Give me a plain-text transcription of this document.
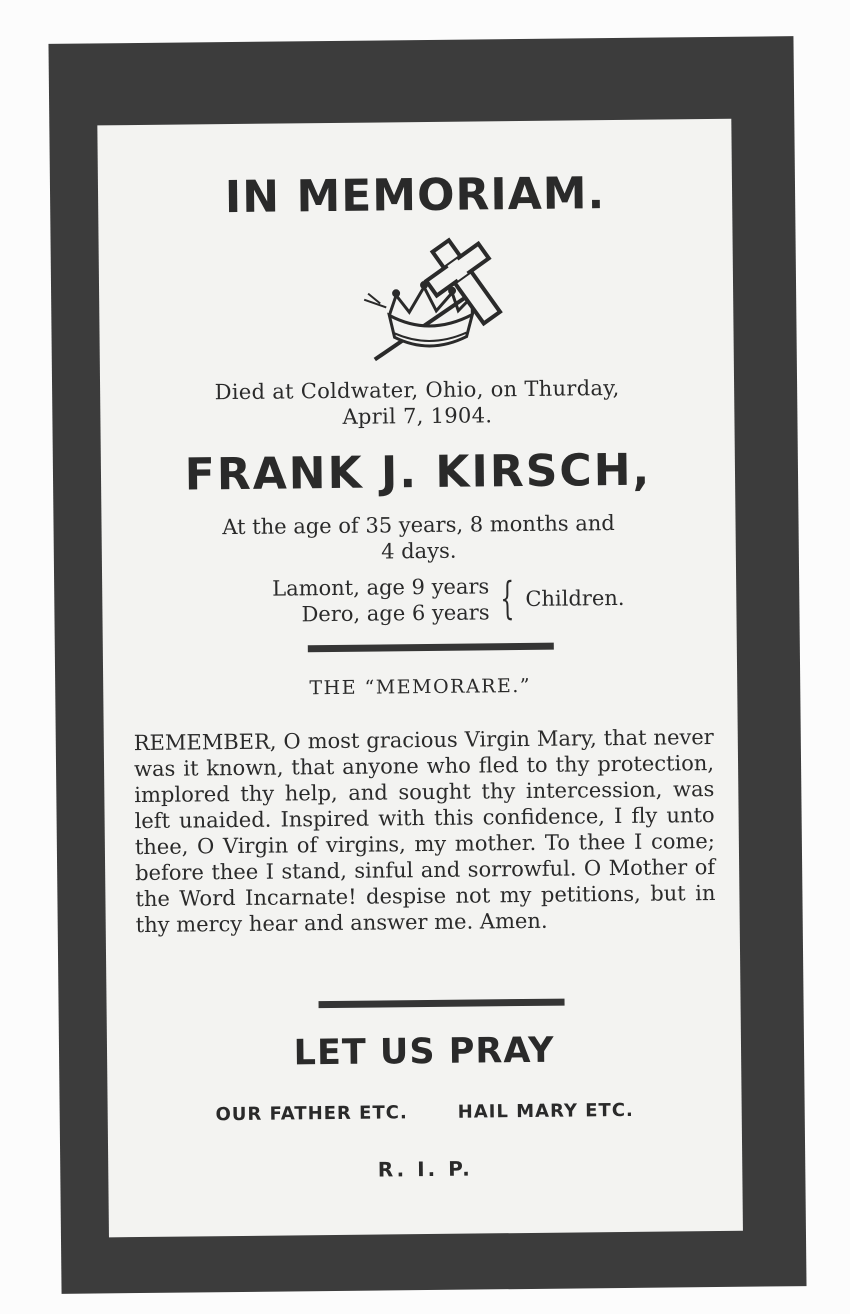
IN MEMORIAM.
Died at Coldwater, Ohio, on Thurday,
April 7, 1904.
FRANK J. KIRSCH,
At the age of 35 years, 8 months and
4 days.
Lamont, age 9 years
Dero, age 6 years { Children.
THE “MEMORARE.”
REMEMBER, O most gracious Virgin Mary, that never was it known, that anyone who fled to thy protection, implored thy help, and sought thy intercession, was left unaided. Inspired with this confidence, I fly unto thee, O Virgin of virgins, my mother. To thee I come; before thee I stand, sinful and sorrowful. O Mother of the Word Incarnate! despise not my petitions, but in thy mercy hear and answer me. Amen.
LET US PRAY
OUR FATHER ETC.	HAIL MARY ETC.
R. I. P.
